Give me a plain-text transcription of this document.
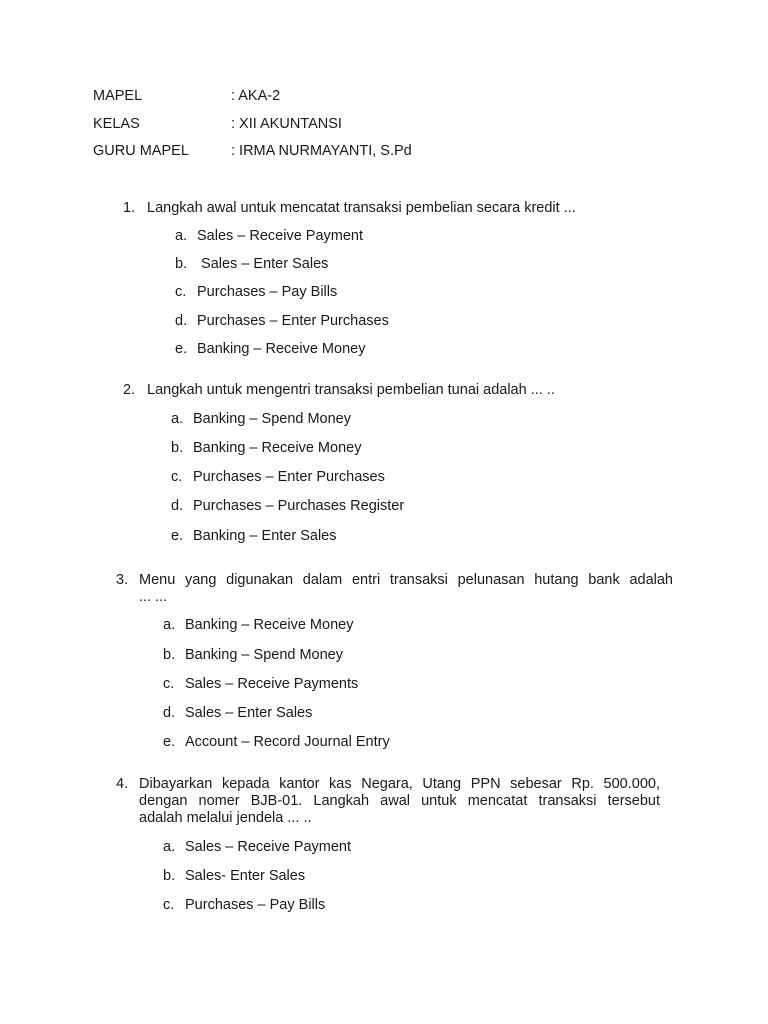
MAPEL	: AKA-2
KELAS	: XII AKUNTANSI
GURU MAPEL	: IRMA NURMAYANTI, S.Pd
1. Langkah awal untuk mencatat transaksi pembelian secara kredit ...
a. Sales – Receive Payment
b. Sales – Enter Sales
c. Purchases – Pay Bills
d. Purchases – Enter Purchases
e. Banking – Receive Money
2. Langkah untuk mengentri transaksi pembelian tunai adalah ... ..
a. Banking – Spend Money
b. Banking – Receive Money
c. Purchases – Enter Purchases
d. Purchases – Purchases Register
e. Banking – Enter Sales
3. Menu yang digunakan dalam entri transaksi pelunasan hutang bank adalah
... ...
a. Banking – Receive Money
b. Banking – Spend Money
c. Sales – Receive Payments
d. Sales – Enter Sales
e. Account – Record Journal Entry
4. Dibayarkan kepada kantor kas Negara, Utang PPN sebesar Rp. 500.000,
dengan nomer BJB-01. Langkah awal untuk mencatat transaksi tersebut
adalah melalui jendela ... ..
a. Sales – Receive Payment
b. Sales- Enter Sales
c. Purchases – Pay Bills
